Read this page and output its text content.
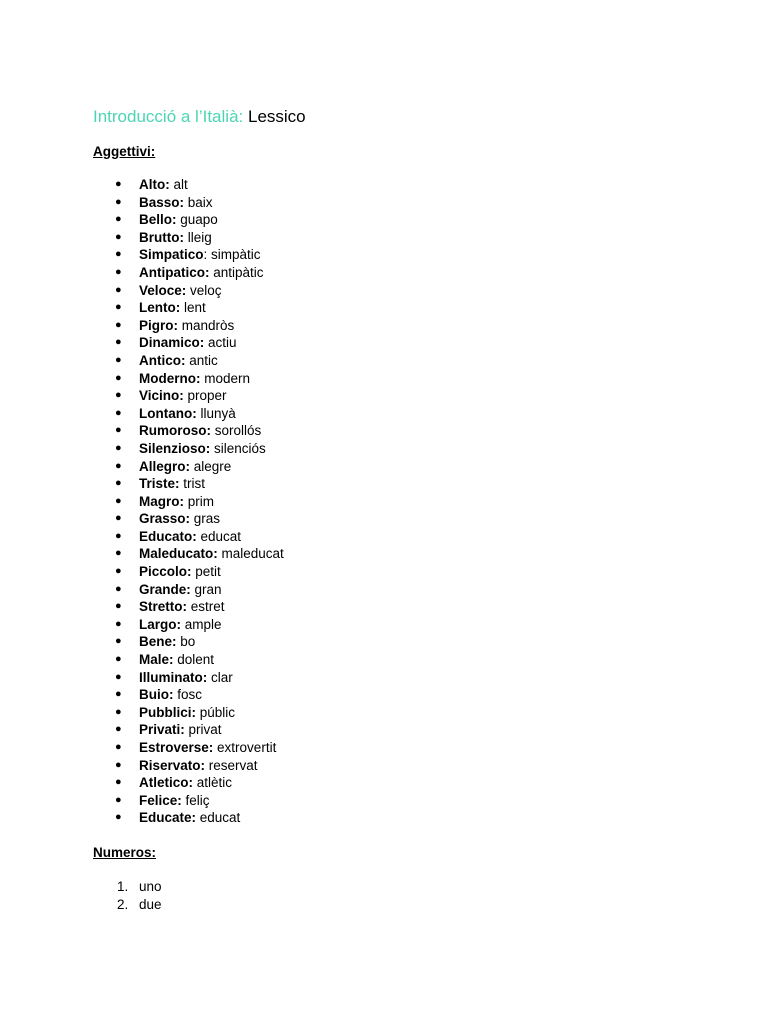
Introducció a l’Italià: Lessico

Aggettivi:

● Alto: alt
● Basso: baix
● Bello: guapo
● Brutto: lleig
● Simpatico: simpàtic
● Antipatico: antipàtic
● Veloce: veloç
● Lento: lent
● Pigro: mandròs
● Dinamico: actiu
● Antico: antic
● Moderno: modern
● Vicino: proper
● Lontano: llunyà
● Rumoroso: sorollós
● Silenzioso: silenciós
● Allegro: alegre
● Triste: trist
● Magro: prim
● Grasso: gras
● Educato: educat
● Maleducato: maleducat
● Piccolo: petit
● Grande: gran
● Stretto: estret
● Largo: ample
● Bene: bo
● Male: dolent
● Illuminato: clar
● Buio: fosc
● Pubblici: públic
● Privati: privat
● Estroverse: extrovertit
● Riservato: reservat
● Atletico: atlètic
● Felice: feliç
● Educate: educat

Numeros:

1. uno
2. due
